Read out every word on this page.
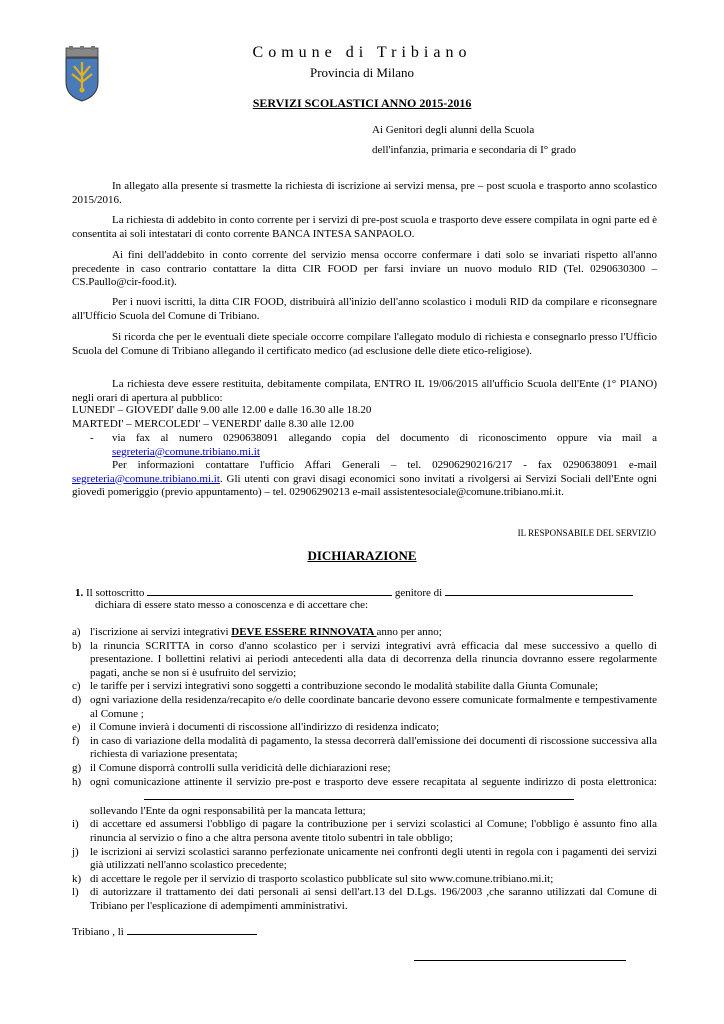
Comune di Tribiano
Provincia di Milano
SERVIZI SCOLASTICI ANNO 2015-2016
Ai Genitori degli alunni della Scuola
dell'infanzia, primaria e secondaria di I° grado
In allegato alla presente si trasmette la richiesta di iscrizione ai servizi mensa, pre – post scuola e trasporto anno scolastico 2015/2016.
La richiesta di addebito in conto corrente per i servizi di pre-post scuola e trasporto deve essere compilata in ogni parte ed è consentita ai soli intestatari di conto corrente BANCA INTESA SANPAOLO.
Ai fini dell'addebito in conto corrente del servizio mensa occorre confermare i dati solo se invariati rispetto all'anno precedente in caso contrario contattare la ditta CIR FOOD per farsi inviare un nuovo modulo RID (Tel. 0290630300 – CS.Paullo@cir-food.it).
Per i nuovi iscritti, la ditta CIR FOOD, distribuirà all'inizio dell'anno scolastico i moduli RID da compilare e riconsegnare all'Ufficio Scuola del Comune di Tribiano.
Si ricorda che per le eventuali diete speciale occorre compilare l'allegato modulo di richiesta e consegnarlo presso l'Ufficio Scuola del Comune di Tribiano allegando il certificato medico (ad esclusione delle diete etico-religiose).
La richiesta deve essere restituita, debitamente compilata, ENTRO IL 19/06/2015 all'ufficio Scuola dell'Ente (1° PIANO) negli orari di apertura al pubblico:
LUNEDI' – GIOVEDI' dalle 9.00 alle 12.00 e dalle 16.30 alle 18.20
MARTEDI' – MERCOLEDI' – VENERDI' dalle 8.30 alle 12.00
- via fax al numero 0290638091 allegando copia del documento di riconoscimento oppure via mail a segreteria@comune.tribiano.mi.it
Per informazioni contattare l'ufficio Affari Generali – tel. 02906290216/217 - fax 0290638091 e-mail segreteria@comune.tribiano.mi.it. Gli utenti con gravi disagi economici sono invitati a rivolgersi ai Servizi Sociali dell'Ente ogni giovedì pomeriggio (previo appuntamento) – tel. 02906290213 e-mail assistentesociale@comune.tribiano.mi.it.
IL RESPONSABILE DEL SERVIZIO
DICHIARAZIONE
1. Il sottoscritto	genitore di
dichiara di essere stato messo a conoscenza e di accettare che:
a) l'iscrizione ai servizi integrativi DEVE ESSERE RINNOVATA anno per anno;
b) la rinuncia SCRITTA in corso d'anno scolastico per i servizi integrativi avrà efficacia dal mese successivo a quello di presentazione. I bollettini relativi ai periodi antecedenti alla data di decorrenza della rinuncia dovranno essere regolarmente pagati, anche se non si è usufruito del servizio;
c) le tariffe per i servizi integrativi sono soggetti a contribuzione secondo le modalità stabilite dalla Giunta Comunale;
d) ogni variazione della residenza/recapito e/o delle coordinate bancarie devono essere comunicate formalmente e tempestivamente al Comune ;
e) il Comune invierà i documenti di riscossione all'indirizzo di residenza indicato;
f) in caso di variazione della modalità di pagamento, la stessa decorrerà dall'emissione dei documenti di riscossione successiva alla richiesta di variazione presentata;
g) il Comune disporrà controlli sulla veridicità delle dichiarazioni rese;
h) ogni comunicazione attinente il servizio pre-post e trasporto deve essere recapitata al seguente indirizzo di posta elettronica:
sollevando l'Ente da ogni responsabilità per la mancata lettura;
i) di accettare ed assumersi l'obbligo di pagare la contribuzione per i servizi scolastici al Comune; l'obbligo è assunto fino alla rinuncia al servizio o fino a che altra persona avente titolo subentri in tale obbligo;
j) le iscrizioni ai servizi scolastici saranno perfezionate unicamente nei confronti degli utenti in regola con i pagamenti dei servizi già utilizzati nell'anno scolastico precedente;
k) di accettare le regole per il servizio di trasporto scolastico pubblicate sul sito www.comune.tribiano.mi.it;
l) di autorizzare il trattamento dei dati personali ai sensi dell'art.13 del D.Lgs. 196/2003 ,che saranno utilizzati dal Comune di Tribiano per l'esplicazione di adempimenti amministrativi.
Tribiano , lì
